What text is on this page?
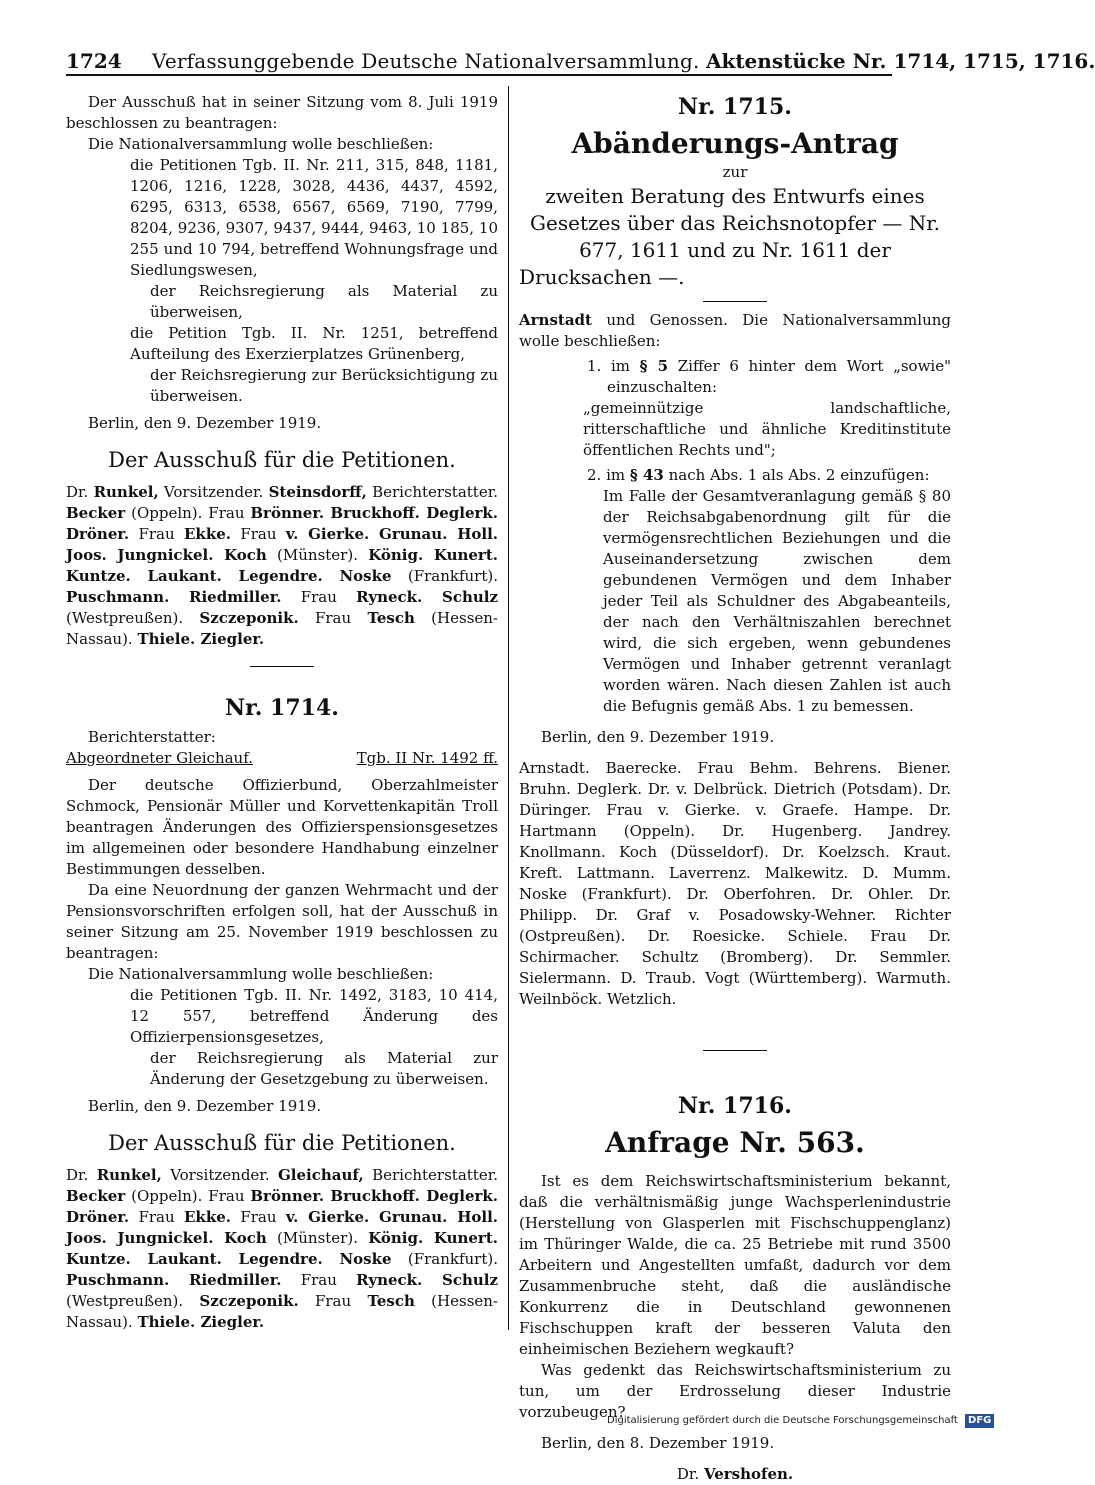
1724 Verfassunggebende Deutsche Nationalversammlung. Aktenstücke Nr. 1714, 1715, 1716.

Der Ausschuß hat in seiner Sitzung vom 8. Juli 1919 beschlossen zu beantragen:

Die Nationalversammlung wolle beschließen:

die Petitionen Tgb. II. Nr. 211, 315, 848, 1181, 1206, 1216, 1228, 3028, 4436, 4437, 4592, 6295, 6313, 6538, 6567, 6569, 7190, 7799, 8204, 9236, 9307, 9437, 9444, 9463, 10 185, 10 255 und 10 794, betreffend Wohnungsfrage und Siedlungswesen,

der Reichsregierung als Material zu überweisen,

die Petition Tgb. II. Nr. 1251, betreffend Aufteilung des Exerzierplatzes Grünenberg,

der Reichsregierung zur Berücksichtigung zu überweisen.

Berlin, den 9. Dezember 1919.

Der Ausschuß für die Petitionen.

Dr. Runkel, Vorsitzender. Steinsdorff, Berichterstatter. Becker (Oppeln). Frau Brönner. Bruckhoff. Deglerk. Dröner. Frau Ekke. Frau v. Gierke. Grunau. Holl. Joos. Jungnickel. Koch (Münster). König. Kunert. Kuntze. Laukant. Legendre. Noske (Frankfurt). Puschmann. Riedmiller. Frau Ryneck. Schulz (Westpreußen). Szczeponik. Frau Tesch (Hessen-Nassau). Thiele. Ziegler.

Nr. 1714.

Berichterstatter:

Abgeordneter Gleichauf.	Tgb. II Nr. 1492 ff.

Der deutsche Offizierbund, Oberzahlmeister Schmock, Pensionär Müller und Korvettenkapitän Troll beantragen Änderungen des Offizierspensionsgesetzes im allgemeinen oder besondere Handhabung einzelner Bestimmungen desselben.

Da eine Neuordnung der ganzen Wehrmacht und der Pensionsvorschriften erfolgen soll, hat der Ausschuß in seiner Sitzung am 25. November 1919 beschlossen zu beantragen:

Die Nationalversammlung wolle beschließen:

die Petitionen Tgb. II. Nr. 1492, 3183, 10 414, 12 557, betreffend Änderung des Offizierpensionsgesetzes,

der Reichsregierung als Material zur Änderung der Gesetzgebung zu überweisen.

Berlin, den 9. Dezember 1919.

Der Ausschuß für die Petitionen.

Dr. Runkel, Vorsitzender. Gleichauf, Berichterstatter. Becker (Oppeln). Frau Brönner. Bruckhoff. Deglerk. Dröner. Frau Ekke. Frau v. Gierke. Grunau. Holl. Joos. Jungnickel. Koch (Münster). König. Kunert. Kuntze. Laukant. Legendre. Noske (Frankfurt). Puschmann. Riedmiller. Frau Ryneck. Schulz (Westpreußen). Szczeponik. Frau Tesch (Hessen-Nassau). Thiele. Ziegler.

Nr. 1715.

Abänderungs-Antrag

zur

zweiten Beratung des Entwurfs eines Gesetzes über das Reichsnotopfer — Nr. 677, 1611 und zu Nr. 1611 der Drucksachen —.

Arnstadt und Genossen. Die Nationalversammlung wolle beschließen:

1. im § 5 Ziffer 6 hinter dem Wort „sowie" einzuschalten:

„gemeinnützige landschaftliche, ritterschaftliche und ähnliche Kreditinstitute öffentlichen Rechts und";

2. im § 43 nach Abs. 1 als Abs. 2 einzufügen:

Im Falle der Gesamtveranlagung gemäß § 80 der Reichsabgabenordnung gilt für die vermögensrechtlichen Beziehungen und die Auseinandersetzung zwischen dem gebundenen Vermögen und dem Inhaber jeder Teil als Schuldner des Abgabeanteils, der nach den Verhältniszahlen berechnet wird, die sich ergeben, wenn gebundenes Vermögen und Inhaber getrennt veranlagt worden wären. Nach diesen Zahlen ist auch die Befugnis gemäß Abs. 1 zu bemessen.

Berlin, den 9. Dezember 1919.

Arnstadt. Baerecke. Frau Behm. Behrens. Biener. Bruhn. Deglerk. Dr. v. Delbrück. Dietrich (Potsdam). Dr. Düringer. Frau v. Gierke. v. Graefe. Hampe. Dr. Hartmann (Oppeln). Dr. Hugenberg. Jandrey. Knollmann. Koch (Düsseldorf). Dr. Koelzsch. Kraut. Kreft. Lattmann. Laverrenz. Malkewitz. D. Mumm. Noske (Frankfurt). Dr. Oberfohren. Dr. Ohler. Dr. Philipp. Dr. Graf v. Posadowsky-Wehner. Richter (Ostpreußen). Dr. Roesicke. Schiele. Frau Dr. Schirmacher. Schultz (Bromberg). Dr. Semmler. Sielermann. D. Traub. Vogt (Württemberg). Warmuth. Weilnböck. Wetzlich.

Nr. 1716.

Anfrage Nr. 563.

Ist es dem Reichswirtschaftsministerium bekannt, daß die verhältnismäßig junge Wachsperlenindustrie (Herstellung von Glasperlen mit Fischschuppenglanz) im Thüringer Walde, die ca. 25 Betriebe mit rund 3500 Arbeitern und Angestellten umfaßt, dadurch vor dem Zusammenbruche steht, daß die ausländische Konkurrenz die in Deutschland gewonnenen Fischschuppen kraft der besseren Valuta den einheimischen Beziehern wegkauft?

Was gedenkt das Reichswirtschaftsministerium zu tun, um der Erdrosselung dieser Industrie vorzubeugen?

Berlin, den 8. Dezember 1919.

Dr. Vershofen.

Digitalisierung gefördert durch die Deutsche Forschungsgemeinschaft DFG
